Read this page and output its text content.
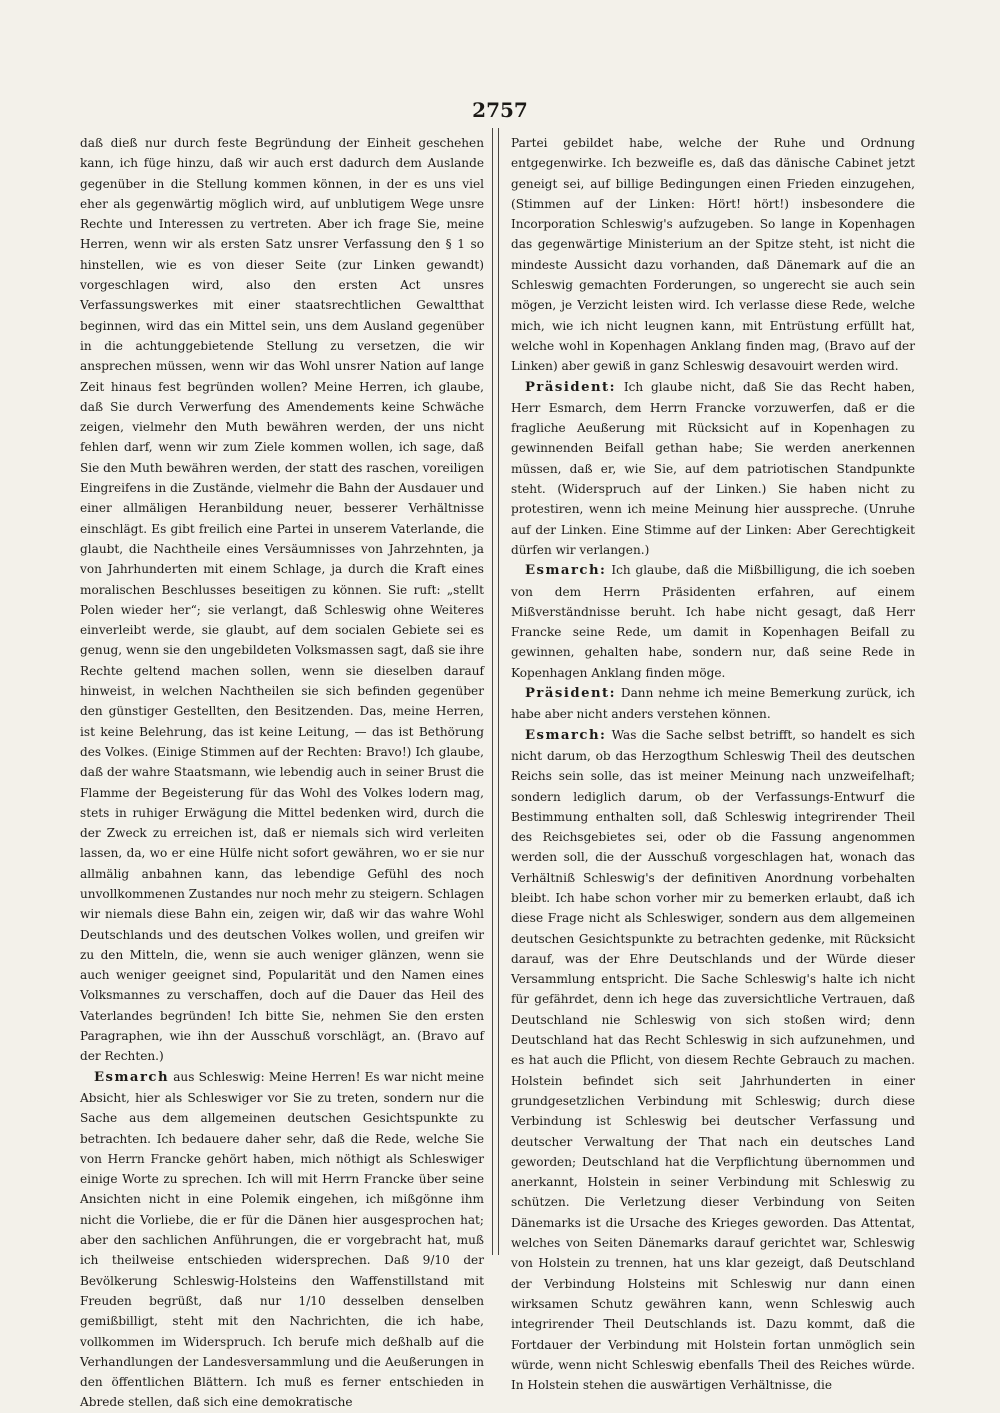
2757

daß dieß nur durch feste Begründung der Einheit geschehen kann, ich füge hinzu, daß wir auch erst dadurch dem Auslande gegenüber in die Stellung kommen können, in der es uns viel eher als gegenwärtig möglich wird, auf unblutigem Wege unsre Rechte und Interessen zu vertreten. Aber ich frage Sie, meine Herren, wenn wir als ersten Satz unsrer Verfassung den § 1 so hinstellen, wie es von dieser Seite (zur Linken gewandt) vorgeschlagen wird, also den ersten Act unsres Verfassungswerkes mit einer staatsrechtlichen Gewaltthat beginnen, wird das ein Mittel sein, uns dem Ausland gegenüber in die achtunggebietende Stellung zu versetzen, die wir ansprechen müssen, wenn wir das Wohl unsrer Nation auf lange Zeit hinaus fest begründen wollen? Meine Herren, ich glaube, daß Sie durch Verwerfung des Amendements keine Schwäche zeigen, vielmehr den Muth bewähren werden, der uns nicht fehlen darf, wenn wir zum Ziele kommen wollen, ich sage, daß Sie den Muth bewähren werden, der statt des raschen, voreiligen Eingreifens in die Zustände, vielmehr die Bahn der Ausdauer und einer allmäligen Heranbildung neuer, besserer Verhältnisse einschlägt. Es gibt freilich eine Partei in unserem Vaterlande, die glaubt, die Nachtheile eines Versäumnisses von Jahrzehnten, ja von Jahrhunderten mit einem Schlage, ja durch die Kraft eines moralischen Beschlusses beseitigen zu können. Sie ruft: „stellt Polen wieder her“; sie verlangt, daß Schleswig ohne Weiteres einverleibt werde, sie glaubt, auf dem socialen Gebiete sei es genug, wenn sie den ungebildeten Volksmassen sagt, daß sie ihre Rechte geltend machen sollen, wenn sie dieselben darauf hinweist, in welchen Nachtheilen sie sich befinden gegenüber den günstiger Gestellten, den Besitzenden. Das, meine Herren, ist keine Belehrung, das ist keine Leitung, — das ist Bethörung des Volkes. (Einige Stimmen auf der Rechten: Bravo!) Ich glaube, daß der wahre Staatsmann, wie lebendig auch in seiner Brust die Flamme der Begeisterung für das Wohl des Volkes lodern mag, stets in ruhiger Erwägung die Mittel bedenken wird, durch die der Zweck zu erreichen ist, daß er niemals sich wird verleiten lassen, da, wo er eine Hülfe nicht sofort gewähren, wo er sie nur allmälig anbahnen kann, das lebendige Gefühl des noch unvollkommenen Zustandes nur noch mehr zu steigern. Schlagen wir niemals diese Bahn ein, zeigen wir, daß wir das wahre Wohl Deutschlands und des deutschen Volkes wollen, und greifen wir zu den Mitteln, die, wenn sie auch weniger glänzen, wenn sie auch weniger geeignet sind, Popularität und den Namen eines Volksmannes zu verschaffen, doch auf die Dauer das Heil des Vaterlandes begründen! Ich bitte Sie, nehmen Sie den ersten Paragraphen, wie ihn der Ausschuß vorschlägt, an. (Bravo auf der Rechten.)

Esmarch aus Schleswig: Meine Herren! Es war nicht meine Absicht, hier als Schleswiger vor Sie zu treten, sondern nur die Sache aus dem allgemeinen deutschen Gesichtspunkte zu betrachten. Ich bedauere daher sehr, daß die Rede, welche Sie von Herrn Francke gehört haben, mich nöthigt als Schleswiger einige Worte zu sprechen. Ich will mit Herrn Francke über seine Ansichten nicht in eine Polemik eingehen, ich mißgönne ihm nicht die Vorliebe, die er für die Dänen hier ausgesprochen hat; aber den sachlichen Anführungen, die er vorgebracht hat, muß ich theilweise entschieden widersprechen. Daß 9/10 der Bevölkerung Schleswig-Holsteins den Waffenstillstand mit Freuden begrüßt, daß nur 1/10 desselben denselben gemißbilligt, steht mit den Nachrichten, die ich habe, vollkommen im Widerspruch. Ich berufe mich deßhalb auf die Verhandlungen der Landesversammlung und die Aeußerungen in den öffentlichen Blättern. Ich muß es ferner entschieden in Abrede stellen, daß sich eine demokratische

Partei gebildet habe, welche der Ruhe und Ordnung entgegenwirke. Ich bezweifle es, daß das dänische Cabinet jetzt geneigt sei, auf billige Bedingungen einen Frieden einzugehen, (Stimmen auf der Linken: Hört! hört!) insbesondere die Incorporation Schleswig's aufzugeben. So lange in Kopenhagen das gegenwärtige Ministerium an der Spitze steht, ist nicht die mindeste Aussicht dazu vorhanden, daß Dänemark auf die an Schleswig gemachten Forderungen, so ungerecht sie auch sein mögen, je Verzicht leisten wird. Ich verlasse diese Rede, welche mich, wie ich nicht leugnen kann, mit Entrüstung erfüllt hat, welche wohl in Kopenhagen Anklang finden mag, (Bravo auf der Linken) aber gewiß in ganz Schleswig desavouirt werden wird.

Präsident: Ich glaube nicht, daß Sie das Recht haben, Herr Esmarch, dem Herrn Francke vorzuwerfen, daß er die fragliche Aeußerung mit Rücksicht auf in Kopenhagen zu gewinnenden Beifall gethan habe; Sie werden anerkennen müssen, daß er, wie Sie, auf dem patriotischen Standpunkte steht. (Widerspruch auf der Linken.) Sie haben nicht zu protestiren, wenn ich meine Meinung hier ausspreche. (Unruhe auf der Linken. Eine Stimme auf der Linken: Aber Gerechtigkeit dürfen wir verlangen.)

Esmarch: Ich glaube, daß die Mißbilligung, die ich soeben von dem Herrn Präsidenten erfahren, auf einem Mißverständnisse beruht. Ich habe nicht gesagt, daß Herr Francke seine Rede, um damit in Kopenhagen Beifall zu gewinnen, gehalten habe, sondern nur, daß seine Rede in Kopenhagen Anklang finden möge.

Präsident: Dann nehme ich meine Bemerkung zurück, ich habe aber nicht anders verstehen können.

Esmarch: Was die Sache selbst betrifft, so handelt es sich nicht darum, ob das Herzogthum Schleswig Theil des deutschen Reichs sein solle, das ist meiner Meinung nach unzweifelhaft; sondern lediglich darum, ob der Verfassungs-Entwurf die Bestimmung enthalten soll, daß Schleswig integrirender Theil des Reichsgebietes sei, oder ob die Fassung angenommen werden soll, die der Ausschuß vorgeschlagen hat, wonach das Verhältniß Schleswig's der definitiven Anordnung vorbehalten bleibt. Ich habe schon vorher mir zu bemerken erlaubt, daß ich diese Frage nicht als Schleswiger, sondern aus dem allgemeinen deutschen Gesichtspunkte zu betrachten gedenke, mit Rücksicht darauf, was der Ehre Deutschlands und der Würde dieser Versammlung entspricht. Die Sache Schleswig's halte ich nicht für gefährdet, denn ich hege das zuversichtliche Vertrauen, daß Deutschland nie Schleswig von sich stoßen wird; denn Deutschland hat das Recht Schleswig in sich aufzunehmen, und es hat auch die Pflicht, von diesem Rechte Gebrauch zu machen. Holstein befindet sich seit Jahrhunderten in einer grundgesetzlichen Verbindung mit Schleswig; durch diese Verbindung ist Schleswig bei deutscher Verfassung und deutscher Verwaltung der That nach ein deutsches Land geworden; Deutschland hat die Verpflichtung übernommen und anerkannt, Holstein in seiner Verbindung mit Schleswig zu schützen. Die Verletzung dieser Verbindung von Seiten Dänemarks ist die Ursache des Krieges geworden. Das Attentat, welches von Seiten Dänemarks darauf gerichtet war, Schleswig von Holstein zu trennen, hat uns klar gezeigt, daß Deutschland der Verbindung Holsteins mit Schleswig nur dann einen wirksamen Schutz gewähren kann, wenn Schleswig auch integrirender Theil Deutschlands ist. Dazu kommt, daß die Fortdauer der Verbindung mit Holstein fortan unmöglich sein würde, wenn nicht Schleswig ebenfalls Theil des Reiches würde. In Holstein stehen die auswärtigen Verhältnisse, die
